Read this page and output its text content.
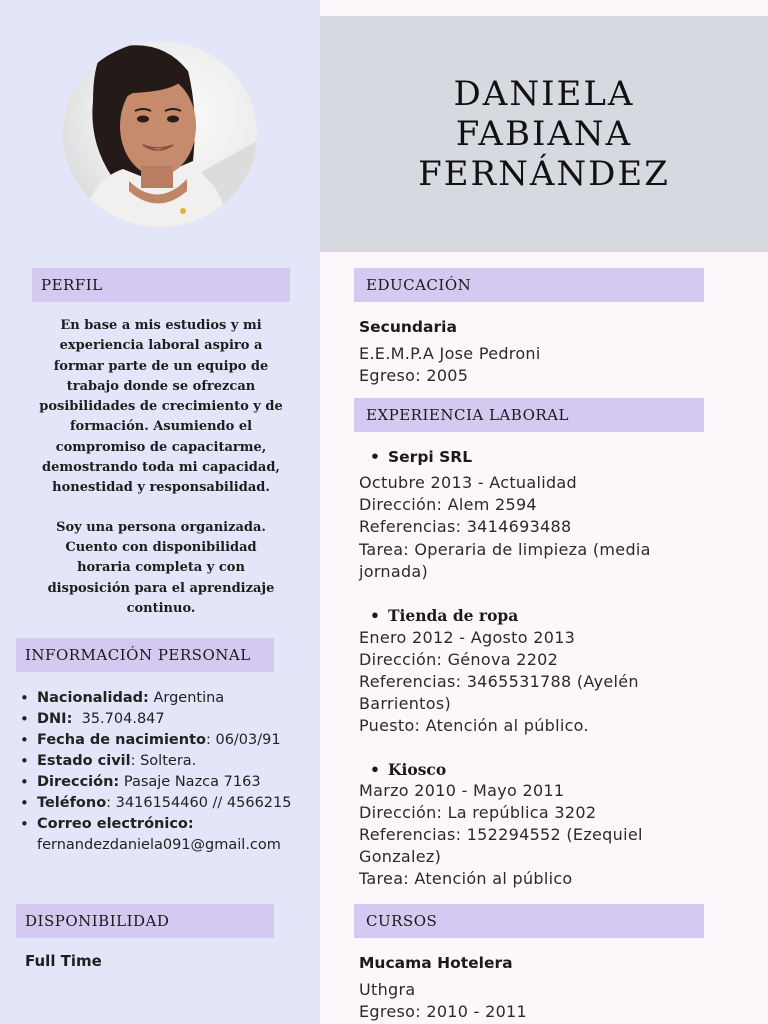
DANIELA
FABIANA
FERNÁNDEZ
PERFIL

En base a mis estudios y mi experiencia laboral aspiro a formar parte de un equipo de trabajo donde se ofrezcan posibilidades de crecimiento y de formación. Asumiendo el compromiso de capacitarme, demostrando toda mi capacidad, honestidad y responsabilidad.

Soy una persona organizada. Cuento con disponibilidad horaria completa y con disposición para el aprendizaje continuo.

INFORMACIÓN PERSONAL
• Nacionalidad: Argentina
• DNI:  35.704.847
• Fecha de nacimiento: 06/03/91
• Estado civil: Soltera.
• Dirección: Pasaje Nazca 7163
• Teléfono: 3416154460 // 4566215
• Correo electrónico:
fernandezdaniela091@gmail.com
DISPONIBILIDAD
Full Time
EDUCACIÓN
Secundaria
E.E.M.P.A Jose Pedroni
Egreso: 2005
EXPERIENCIA LABORAL
• Serpi SRL
Octubre 2013 - Actualidad
Dirección: Alem 2594
Referencias: 3414693488
Tarea: Operaria de limpieza (media
jornada)
• Tienda de ropa
Enero 2012 - Agosto 2013
Dirección: Génova 2202
Referencias: 3465531788 (Ayelén
Barrientos)
Puesto: Atención al público.
• Kiosco
Marzo 2010 - Mayo 2011
Dirección: La república 3202
Referencias: 152294552 (Ezequiel
Gonzalez)
Tarea: Atención al público
CURSOS
Mucama Hotelera
Uthgra
Egreso: 2010 - 2011
